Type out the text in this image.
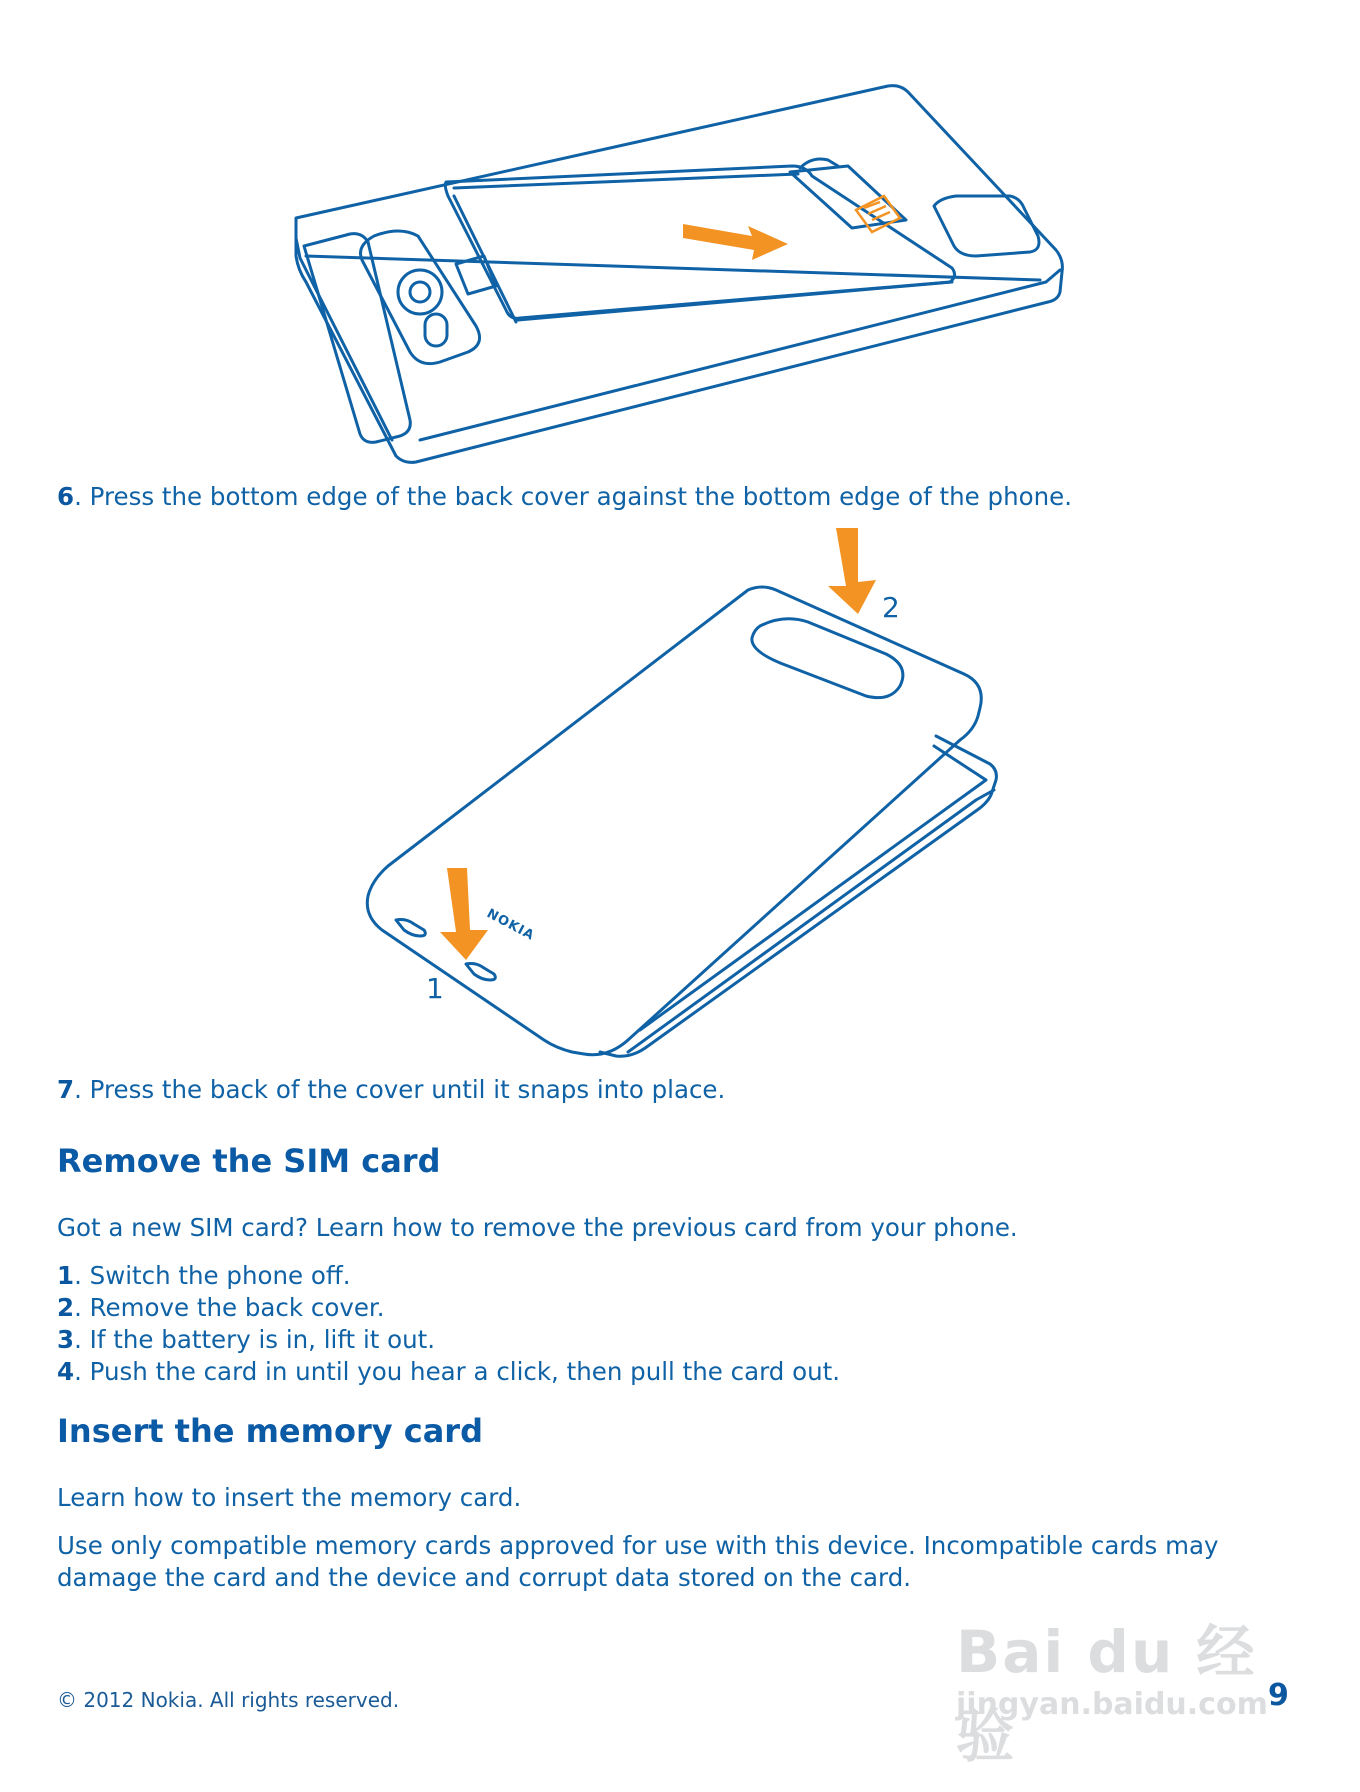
6. Press the bottom edge of the back cover against the bottom edge of the phone.
NOKIA
1
2
7. Press the back of the cover until it snaps into place.
Remove the SIM card

Got a new SIM card? Learn how to remove the previous card from your phone.

1. Switch the phone off.
2. Remove the back cover.
3. If the battery is in, lift it out.
4. Push the card in until you hear a click, then pull the card out.
Insert the memory card

Learn how to insert the memory card.

Use only compatible memory cards approved for use with this device. Incompatible cards may damage the card and the device and corrupt data stored on the card.

Bai du 经验
jingyan.baidu.com
© 2012 Nokia. All rights reserved.	9
